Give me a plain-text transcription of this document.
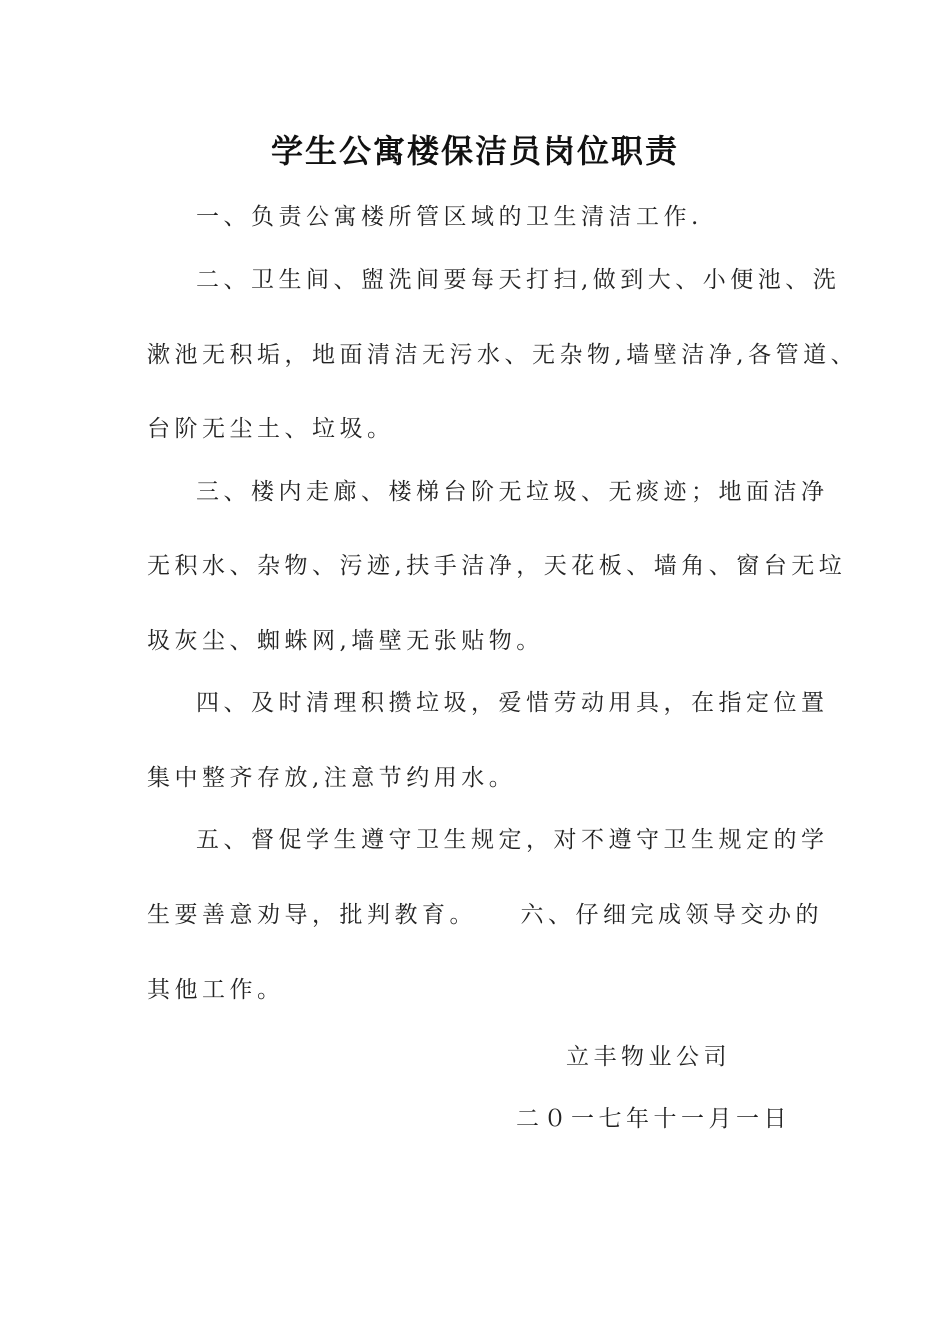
学生公寓楼保洁员岗位职责
一、负责公寓楼所管区域的卫生清洁工作.
二、卫生间、盥洗间要每天打扫,做到大、小便池、洗
漱池无积垢，地面清洁无污水、无杂物,墙壁洁净,各管道、
台阶无尘土、垃圾。
三、楼内走廊、楼梯台阶无垃圾、无痰迹；地面洁净
无积水、杂物、污迹,扶手洁净，天花板、墙角、窗台无垃
圾灰尘、蜘蛛网,墙壁无张贴物。
四、及时清理积攒垃圾，爱惜劳动用具，在指定位置
集中整齐存放,注意节约用水。
五、督促学生遵守卫生规定，对不遵守卫生规定的学
生要善意劝导，批判教育。　　六、仔细完成领导交办的
其他工作。
立丰物业公司
二０一七年十一月一日
